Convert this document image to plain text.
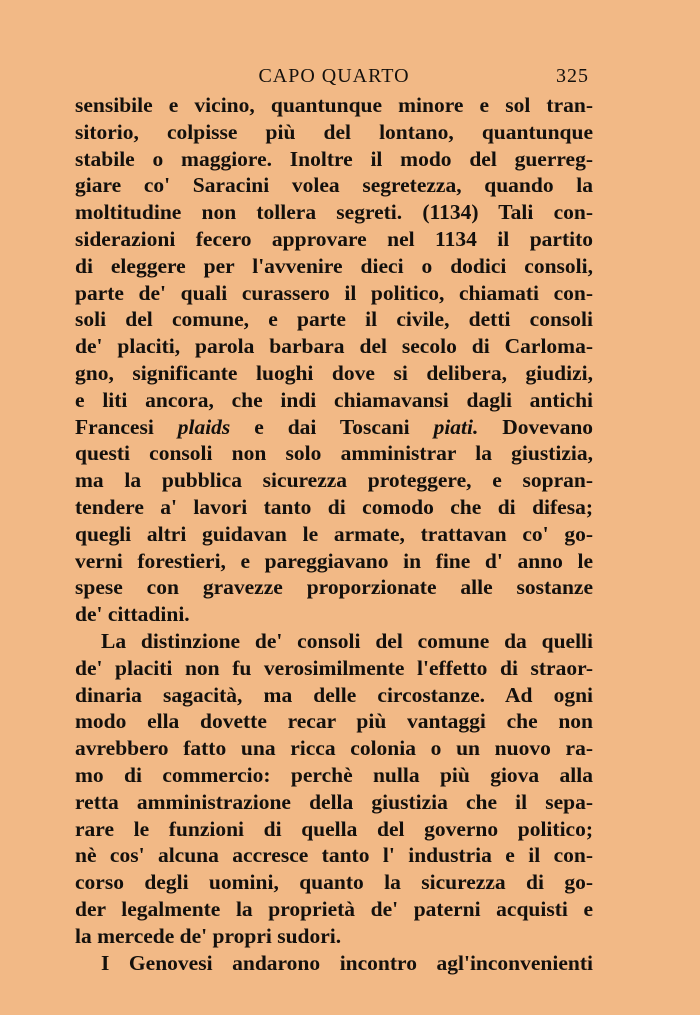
CAPO QUARTO	325
sensibile e vicino, quantunque minore e sol tran-
sitorio, colpisse più del lontano, quantunque
stabile o maggiore. Inoltre il modo del guerreg-
giare co' Saracini volea segretezza, quando la
moltitudine non tollera segreti. (1134) Tali con-
siderazioni fecero approvare nel 1134 il partito
di eleggere per l'avvenire dieci o dodici consoli,
parte de' quali curassero il politico, chiamati con-
soli del comune, e parte il civile, detti consoli
de' placiti, parola barbara del secolo di Carloma-
gno, significante luoghi dove si delibera, giudizi,
e liti ancora, che indi chiamavansi dagli antichi
Francesi plaids e dai Toscani piati. Dovevano
questi consoli non solo amministrar la giustizia,
ma la pubblica sicurezza proteggere, e sopran-
tendere a' lavori tanto di comodo che di difesa;
quegli altri guidavan le armate, trattavan co' go-
verni forestieri, e pareggiavano in fine d' anno le
spese con gravezze proporzionate alle sostanze
de' cittadini.
La distinzione de' consoli del comune da quelli
de' placiti non fu verosimilmente l'effetto di straor-
dinaria sagacità, ma delle circostanze. Ad ogni
modo ella dovette recar più vantaggi che non
avrebbero fatto una ricca colonia o un nuovo ra-
mo di commercio: perchè nulla più giova alla
retta amministrazione della giustizia che il sepa-
rare le funzioni di quella del governo politico;
nè cos' alcuna accresce tanto l' industria e il con-
corso degli uomini, quanto la sicurezza di go-
der legalmente la proprietà de' paterni acquisti e
la mercede de' propri sudori.
I Genovesi andarono incontro agl'inconvenienti
